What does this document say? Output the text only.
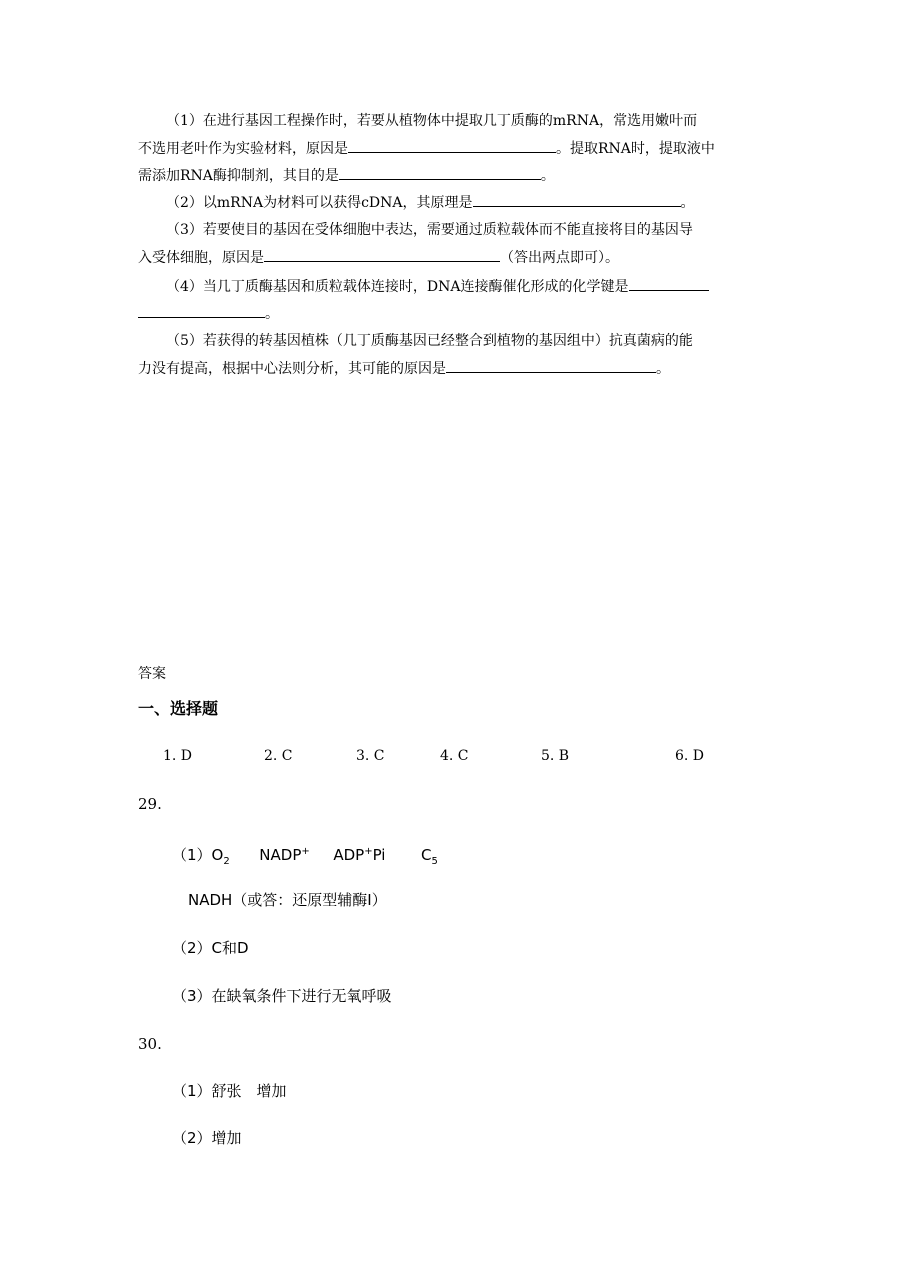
（1）在进行基因工程操作时，若要从植物体中提取几丁质酶的mRNA，常选用嫩叶而
不选用老叶作为实验材料，原因是	。提取RNA时，提取液中
需添加RNA酶抑制剂，其目的是	。
（2）以mRNA为材料可以获得cDNA，其原理是	。
（3）若要使目的基因在受体细胞中表达，需要通过质粒载体而不能直接将目的基因导
入受体细胞，原因是	（答出两点即可）。
（4）当几丁质酶基因和质粒载体连接时，DNA连接酶催化形成的化学键是
。
（5）若获得的转基因植株（几丁质酶基因已经整合到植物的基因组中）抗真菌病的能
力没有提高，根据中心法则分析，其可能的原因是	。
答案
一、选择题
1. D	2. C	3. C	4. C	5. B	6. D
29.
$(1)O_2$ NADP+ ADP+Pi $C_5$
NADH（或答：还原型辅酶Ⅰ）
（2）C和D
（3）在缺氧条件下进行无氧呼吸
30.
（1）舒张　增加
（2）增加
